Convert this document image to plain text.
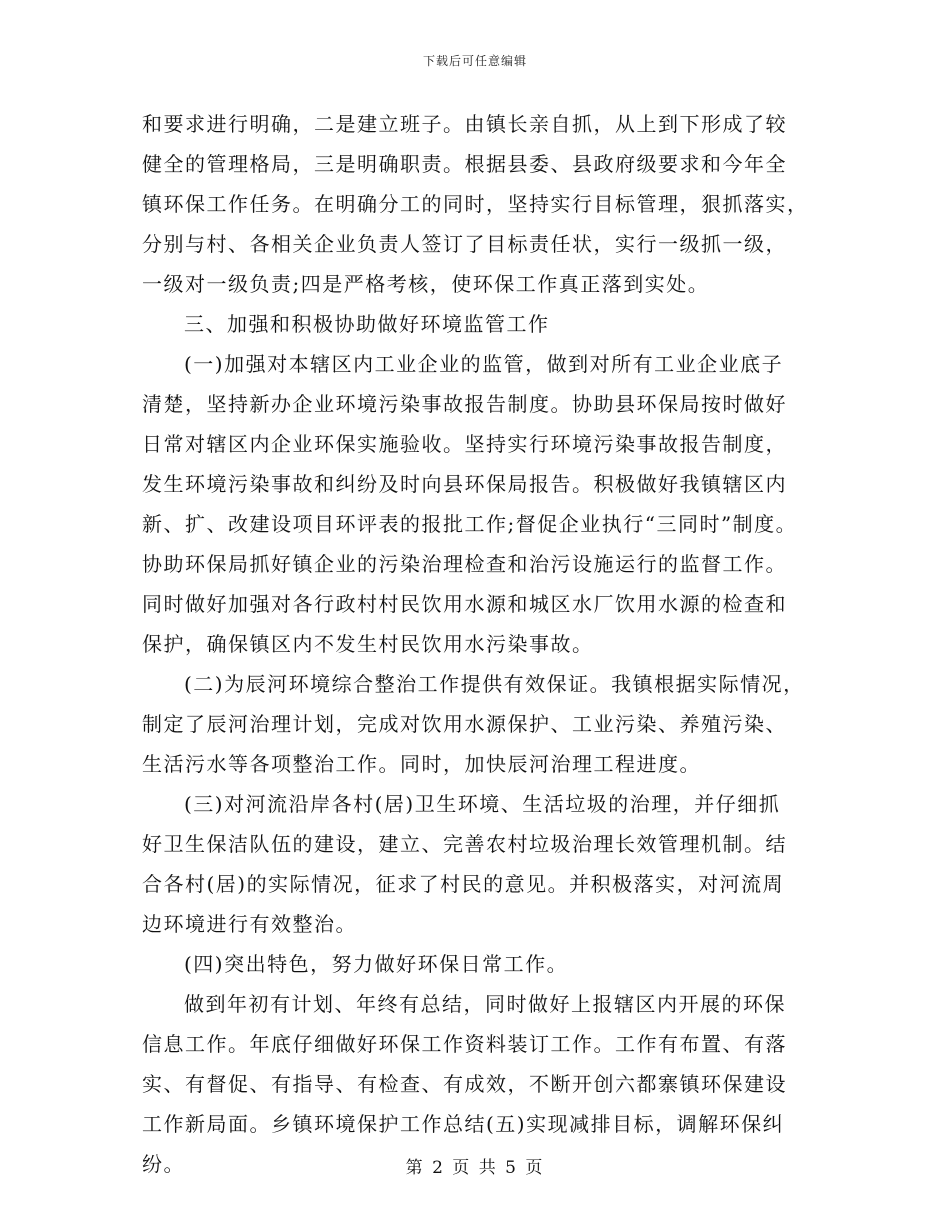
下载后可任意编辑
和要求进行明确，二是建立班子。由镇长亲自抓，从上到下形成了较
健全的管理格局，三是明确职责。根据县委、县政府级要求和今年全
镇环保工作任务。在明确分工的同时，坚持实行目标管理，狠抓落实，
分别与村、各相关企业负责人签订了目标责任状，实行一级抓一级，
一级对一级负责;四是严格考核，使环保工作真正落到实处。
三、加强和积极协助做好环境监管工作
(一)加强对本辖区内工业企业的监管，做到对所有工业企业底子
清楚，坚持新办企业环境污染事故报告制度。协助县环保局按时做好
日常对辖区内企业环保实施验收。坚持实行环境污染事故报告制度，
发生环境污染事故和纠纷及时向县环保局报告。积极做好我镇辖区内
新、扩、改建设项目环评表的报批工作;督促企业执行“三同时”制度。
协助环保局抓好镇企业的污染治理检查和治污设施运行的监督工作。
同时做好加强对各行政村村民饮用水源和城区水厂饮用水源的检查和
保护，确保镇区内不发生村民饮用水污染事故。
(二)为辰河环境综合整治工作提供有效保证。我镇根据实际情况，
制定了辰河治理计划，完成对饮用水源保护、工业污染、养殖污染、
生活污水等各项整治工作。同时，加快辰河治理工程进度。
(三)对河流沿岸各村(居)卫生环境、生活垃圾的治理，并仔细抓
好卫生保洁队伍的建设，建立、完善农村垃圾治理长效管理机制。结
合各村(居)的实际情况，征求了村民的意见。并积极落实，对河流周
边环境进行有效整治。
(四)突出特色，努力做好环保日常工作。
做到年初有计划、年终有总结，同时做好上报辖区内开展的环保
信息工作。年底仔细做好环保工作资料装订工作。工作有布置、有落
实、有督促、有指导、有检查、有成效，不断开创六都寨镇环保建设
工作新局面。乡镇环境保护工作总结(五)实现减排目标，调解环保纠
纷。	第 2 页 共 5 页
